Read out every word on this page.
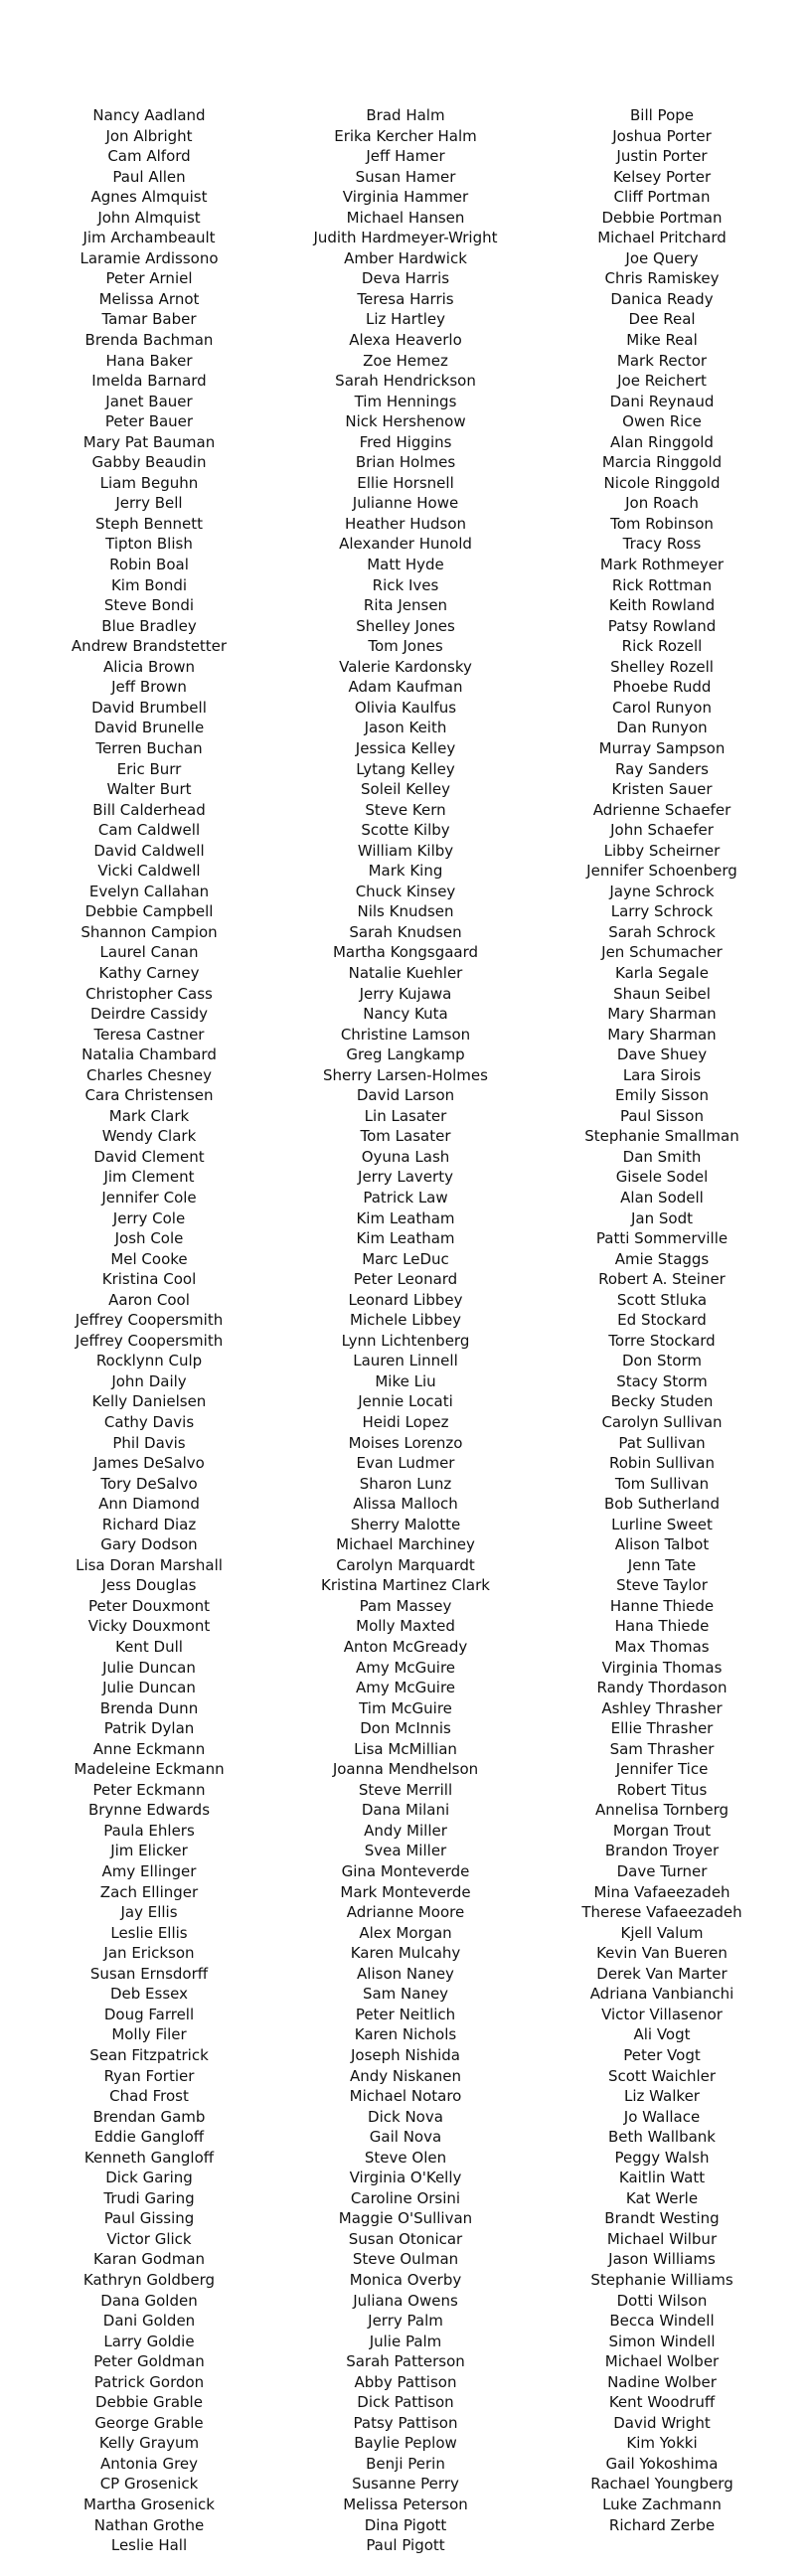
Nancy Aadland
Jon Albright
Cam Alford
Paul Allen
Agnes Almquist
John Almquist
Jim Archambeault
Laramie Ardissono
Peter Arniel
Melissa Arnot
Tamar Baber
Brenda Bachman
Hana Baker
Imelda Barnard
Janet Bauer
Peter Bauer
Mary Pat Bauman
Gabby Beaudin
Liam Beguhn
Jerry Bell
Steph Bennett
Tipton Blish
Robin Boal
Kim Bondi
Steve Bondi
Blue Bradley
Andrew Brandstetter
Alicia Brown
Jeff Brown
David Brumbell
David Brunelle
Terren Buchan
Eric Burr
Walter Burt
Bill Calderhead
Cam Caldwell
David Caldwell
Vicki Caldwell
Evelyn Callahan
Debbie Campbell
Shannon Campion
Laurel Canan
Kathy Carney
Christopher Cass
Deirdre Cassidy
Teresa Castner
Natalia Chambard
Charles Chesney
Cara Christensen
Mark Clark
Wendy Clark
David Clement
Jim Clement
Jennifer Cole
Jerry Cole
Josh Cole
Mel Cooke
Kristina Cool
Aaron Cool
Jeffrey Coopersmith
Jeffrey Coopersmith
Rocklynn Culp
John Daily
Kelly Danielsen
Cathy Davis
Phil Davis
James DeSalvo
Tory DeSalvo
Ann Diamond
Richard Diaz
Gary Dodson
Lisa Doran Marshall
Jess Douglas
Peter Douxmont
Vicky Douxmont
Kent Dull
Julie Duncan
Julie Duncan
Brenda Dunn
Patrik Dylan
Anne Eckmann
Madeleine Eckmann
Peter Eckmann
Brynne Edwards
Paula Ehlers
Jim Elicker
Amy Ellinger
Zach Ellinger
Jay Ellis
Leslie Ellis
Jan Erickson
Susan Ernsdorff
Deb Essex
Doug Farrell
Molly Filer
Sean Fitzpatrick
Ryan Fortier
Chad Frost
Brendan Gamb
Eddie Gangloff
Kenneth Gangloff
Dick Garing
Trudi Garing
Paul Gissing
Victor Glick
Karan Godman
Kathryn Goldberg
Dana Golden
Dani Golden
Larry Goldie
Peter Goldman
Patrick Gordon
Debbie Grable
George Grable
Kelly Grayum
Antonia Grey
CP Grosenick
Martha Grosenick
Nathan Grothe
Leslie Hall
Brad Halm
Erika Kercher Halm
Jeff Hamer
Susan Hamer
Virginia Hammer
Michael Hansen
Judith Hardmeyer-Wright
Amber Hardwick
Deva Harris
Teresa Harris
Liz Hartley
Alexa Heaverlo
Zoe Hemez
Sarah Hendrickson
Tim Hennings
Nick Hershenow
Fred Higgins
Brian Holmes
Ellie Horsnell
Julianne Howe
Heather Hudson
Alexander Hunold
Matt Hyde
Rick Ives
Rita Jensen
Shelley Jones
Tom Jones
Valerie Kardonsky
Adam Kaufman
Olivia Kaulfus
Jason Keith
Jessica Kelley
Lytang Kelley
Soleil Kelley
Steve Kern
Scotte Kilby
William Kilby
Mark King
Chuck Kinsey
Nils Knudsen
Sarah Knudsen
Martha Kongsgaard
Natalie Kuehler
Jerry Kujawa
Nancy Kuta
Christine Lamson
Greg Langkamp
Sherry Larsen-Holmes
David Larson
Lin Lasater
Tom Lasater
Oyuna Lash
Jerry Laverty
Patrick Law
Kim Leatham
Kim Leatham
Marc LeDuc
Peter Leonard
Leonard Libbey
Michele Libbey
Lynn Lichtenberg
Lauren Linnell
Mike Liu
Jennie Locati
Heidi Lopez
Moises Lorenzo
Evan Ludmer
Sharon Lunz
Alissa Malloch
Sherry Malotte
Michael Marchiney
Carolyn Marquardt
Kristina Martinez Clark
Pam Massey
Molly Maxted
Anton McGready
Amy McGuire
Amy McGuire
Tim McGuire
Don McInnis
Lisa McMillian
Joanna Mendhelson
Steve Merrill
Dana Milani
Andy Miller
Svea Miller
Gina Monteverde
Mark Monteverde
Adrianne Moore
Alex Morgan
Karen Mulcahy
Alison Naney
Sam Naney
Peter Neitlich
Karen Nichols
Joseph Nishida
Andy Niskanen
Michael Notaro
Dick Nova
Gail Nova
Steve Olen
Virginia O'Kelly
Caroline Orsini
Maggie O'Sullivan
Susan Otonicar
Steve Oulman
Monica Overby
Juliana Owens
Jerry Palm
Julie Palm
Sarah Patterson
Abby Pattison
Dick Pattison
Patsy Pattison
Baylie Peplow
Benji Perin
Susanne Perry
Melissa Peterson
Dina Pigott
Paul Pigott
Bill Pope
Joshua Porter
Justin Porter
Kelsey Porter
Cliff Portman
Debbie Portman
Michael Pritchard
Joe Query
Chris Ramiskey
Danica Ready
Dee Real
Mike Real
Mark Rector
Joe Reichert
Dani Reynaud
Owen Rice
Alan Ringgold
Marcia Ringgold
Nicole Ringgold
Jon Roach
Tom Robinson
Tracy Ross
Mark Rothmeyer
Rick Rottman
Keith Rowland
Patsy Rowland
Rick Rozell
Shelley Rozell
Phoebe Rudd
Carol Runyon
Dan Runyon
Murray Sampson
Ray Sanders
Kristen Sauer
Adrienne Schaefer
John Schaefer
Libby Scheirner
Jennifer Schoenberg
Jayne Schrock
Larry Schrock
Sarah Schrock
Jen Schumacher
Karla Segale
Shaun Seibel
Mary Sharman
Mary Sharman
Dave Shuey
Lara Sirois
Emily Sisson
Paul Sisson
Stephanie Smallman
Dan Smith
Gisele Sodel
Alan Sodell
Jan Sodt
Patti Sommerville
Amie Staggs
Robert A. Steiner
Scott Stluka
Ed Stockard
Torre Stockard
Don Storm
Stacy Storm
Becky Studen
Carolyn Sullivan
Pat Sullivan
Robin Sullivan
Tom Sullivan
Bob Sutherland
Lurline Sweet
Alison Talbot
Jenn Tate
Steve Taylor
Hanne Thiede
Hana Thiede
Max Thomas
Virginia Thomas
Randy Thordason
Ashley Thrasher
Ellie Thrasher
Sam Thrasher
Jennifer Tice
Robert Titus
Annelisa Tornberg
Morgan Trout
Brandon Troyer
Dave Turner
Mina Vafaeezadeh
Therese Vafaeezadeh
Kjell Valum
Kevin Van Bueren
Derek Van Marter
Adriana Vanbianchi
Victor Villasenor
Ali Vogt
Peter Vogt
Scott Waichler
Liz Walker
Jo Wallace
Beth Wallbank
Peggy Walsh
Kaitlin Watt
Kat Werle
Brandt Westing
Michael Wilbur
Jason Williams
Stephanie Williams
Dotti Wilson
Becca Windell
Simon Windell
Michael Wolber
Nadine Wolber
Kent Woodruff
David Wright
Kim Yokki
Gail Yokoshima
Rachael Youngberg
Luke Zachmann
Richard Zerbe
